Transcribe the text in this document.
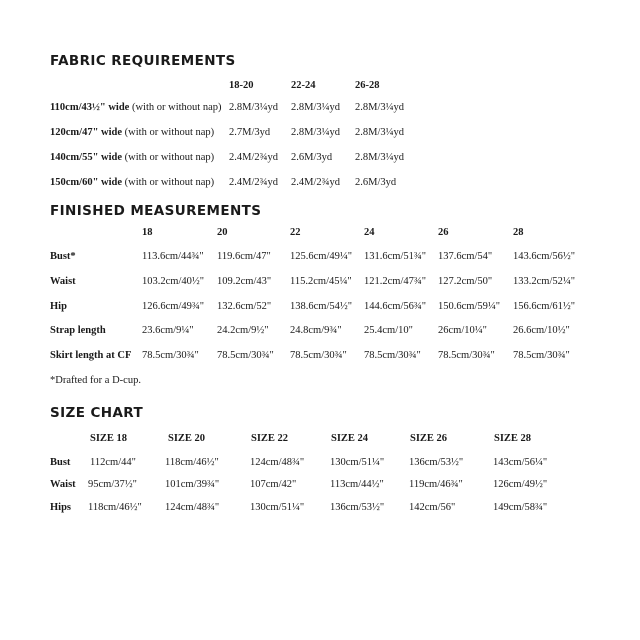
FABRIC REQUIREMENTS
18-20	22-24	26-28
110cm/43½" wide (with or without nap) 2.8M/3¼yd 2.8M/3¼yd 2.8M/3¼yd
120cm/47" wide (with or without nap) 2.7M/3yd 2.8M/3¼yd 2.8M/3¼yd
140cm/55" wide (with or without nap) 2.4M/2¾yd 2.6M/3yd 2.8M/3¼yd
150cm/60" wide (with or without nap) 2.4M/2¾yd 2.4M/2¾yd 2.6M/3yd
FINISHED MEASUREMENTS
18	20	22	24	26	28
Bust*	113.6cm/44¾" 119.6cm/47" 125.6cm/49¼" 131.6cm/51¾" 137.6cm/54" 143.6cm/56½"
Waist	103.2cm/40½" 109.2cm/43" 115.2cm/45¼" 121.2cm/47¾" 127.2cm/50" 133.2cm/52¼"
Hip	126.6cm/49¾" 132.6cm/52" 138.6cm/54½" 144.6cm/56¾" 150.6cm/59¼" 156.6cm/61½"
Strap length	23.6cm/9¼" 24.2cm/9½" 24.8cm/9¾" 25.4cm/10" 26cm/10¼" 26.6cm/10½"
Skirt length at CF 78.5cm/30¾" 78.5cm/30¾" 78.5cm/30¾" 78.5cm/30¾" 78.5cm/30¾" 78.5cm/30¾"
*Drafted for a D-cup.
SIZE CHART
SIZE 18	SIZE 20	SIZE 22	SIZE 24	SIZE 26	SIZE 28
Bust 112cm/44"	118cm/46½"	124cm/48¾" 130cm/51¼" 136cm/53½"	143cm/56¼"
Waist 95cm/37½"	101cm/39¾"	107cm/42"	113cm/44½" 119cm/46¾"	126cm/49½"
Hips 118cm/46½" 124cm/48¾"	130cm/51¼" 136cm/53½" 142cm/56"	149cm/58¾"
